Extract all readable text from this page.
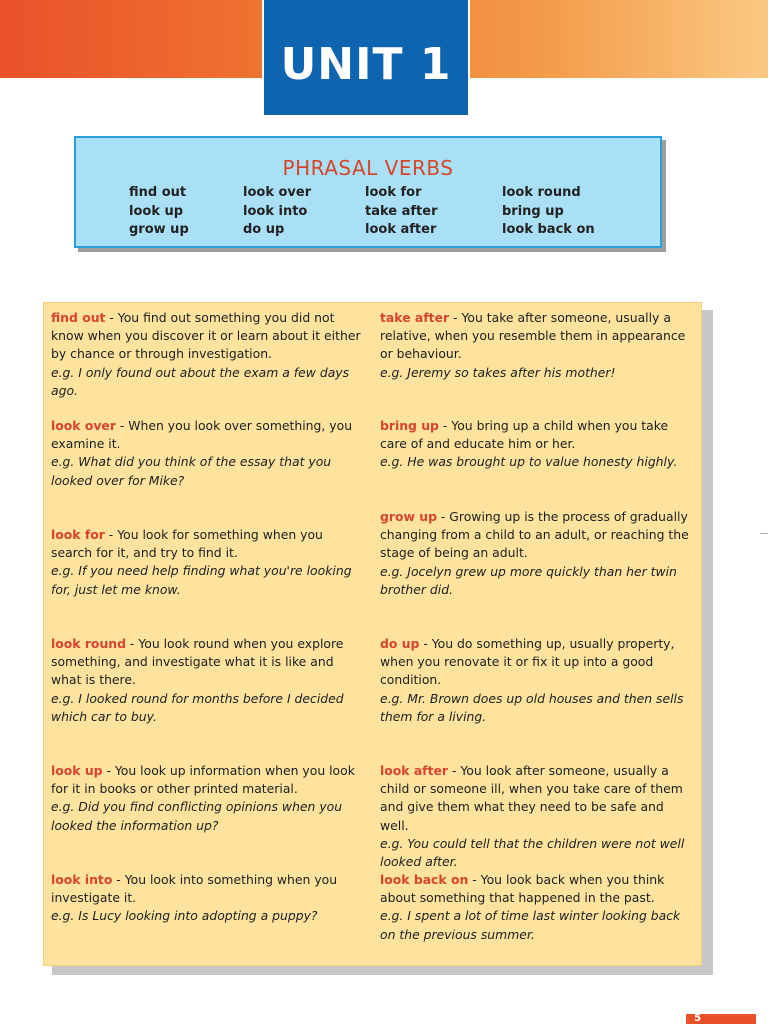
UNIT 1
PHRASAL VERBS
find out
look up
grow up
look over
look into
do up
look for
take after
look after
look round
bring up
look back on
find out - You find out something you did not know when you discover it or learn about it either by chance or through investigation.
e.g. I only found out about the exam a few days ago.
look over - When you look over something, you examine it.
e.g. What did you think of the essay that you looked over for Mike?
look for - You look for something when you search for it, and try to find it.
e.g. If you need help finding what you're looking for, just let me know.
look round - You look round when you explore something, and investigate what it is like and what is there.
e.g. I looked round for months before I decided which car to buy.
look up - You look up information when you look for it in books or other printed material.
e.g. Did you find conflicting opinions when you looked the information up?
look into - You look into something when you investigate it.
e.g. Is Lucy looking into adopting a puppy?
take after - You take after someone, usually a relative, when you resemble them in appearance or behaviour.
e.g. Jeremy so takes after his mother!
bring up - You bring up a child when you take care of and educate him or her.
e.g. He was brought up to value honesty highly.
grow up - Growing up is the process of gradually changing from a child to an adult, or reaching the stage of being an adult.
e.g. Jocelyn grew up more quickly than her twin brother did.
do up - You do something up, usually property, when you renovate it or fix it up into a good condition.
e.g. Mr. Brown does up old houses and then sells them for a living.
look after - You look after someone, usually a child or someone ill, when you take care of them and give them what they need to be safe and well.
e.g. You could tell that the children were not well looked after.
look back on - You look back when you think about something that happened in the past.
e.g. I spent a lot of time last winter looking back on the previous summer.
5
